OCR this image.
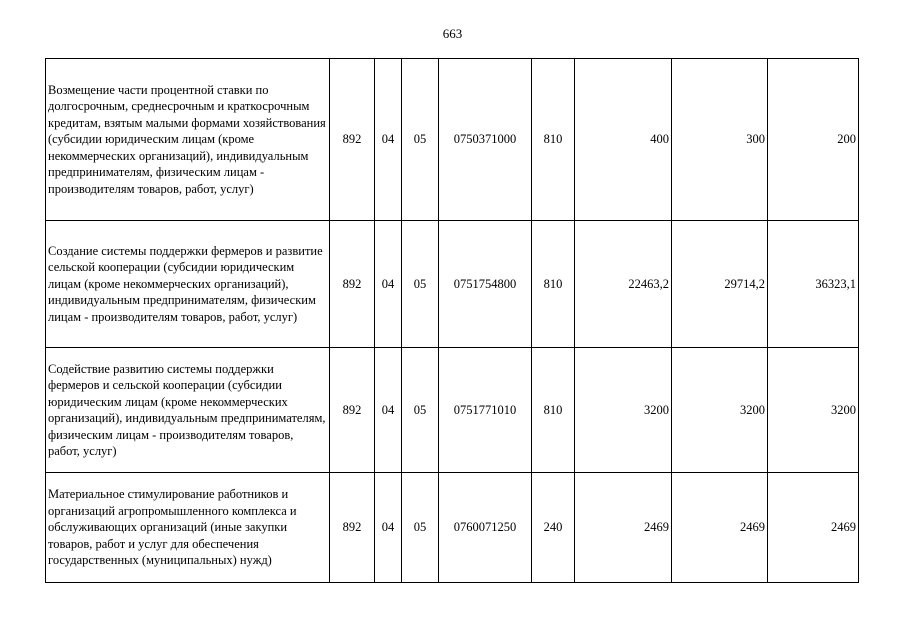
663
Возмещение части процентной ставки по долгосрочным, среднесрочным и краткосрочным кредитам, взятым малыми формами хозяйствования (субсидии юридическим лицам (кроме некоммерческих организаций), индивидуальным предпринимателям, физическим лицам - производителям товаров, работ, услуг)	892	04	05	0750371000	810	400	300	200
Создание системы поддержки фермеров и развитие сельской кооперации (субсидии юридическим лицам (кроме некоммерческих организаций), индивидуальным предпринимателям, физическим лицам - производителям товаров, работ, услуг)	892	04	05	0751754800	810	22463,2	29714,2	36323,1
Содействие развитию системы поддержки фермеров и сельской кооперации (субсидии юридическим лицам (кроме некоммерческих организаций), индивидуальным предпринимателям, физическим лицам - производителям товаров, работ, услуг)	892	04	05	0751771010	810	3200	3200	3200
Материальное стимулирование работников и организаций агропромышленного комплекса и обслуживающих организаций (иные закупки товаров, работ и услуг для обеспечения государственных (муниципальных) нужд)	892	04	05	0760071250	240	2469	2469	2469
